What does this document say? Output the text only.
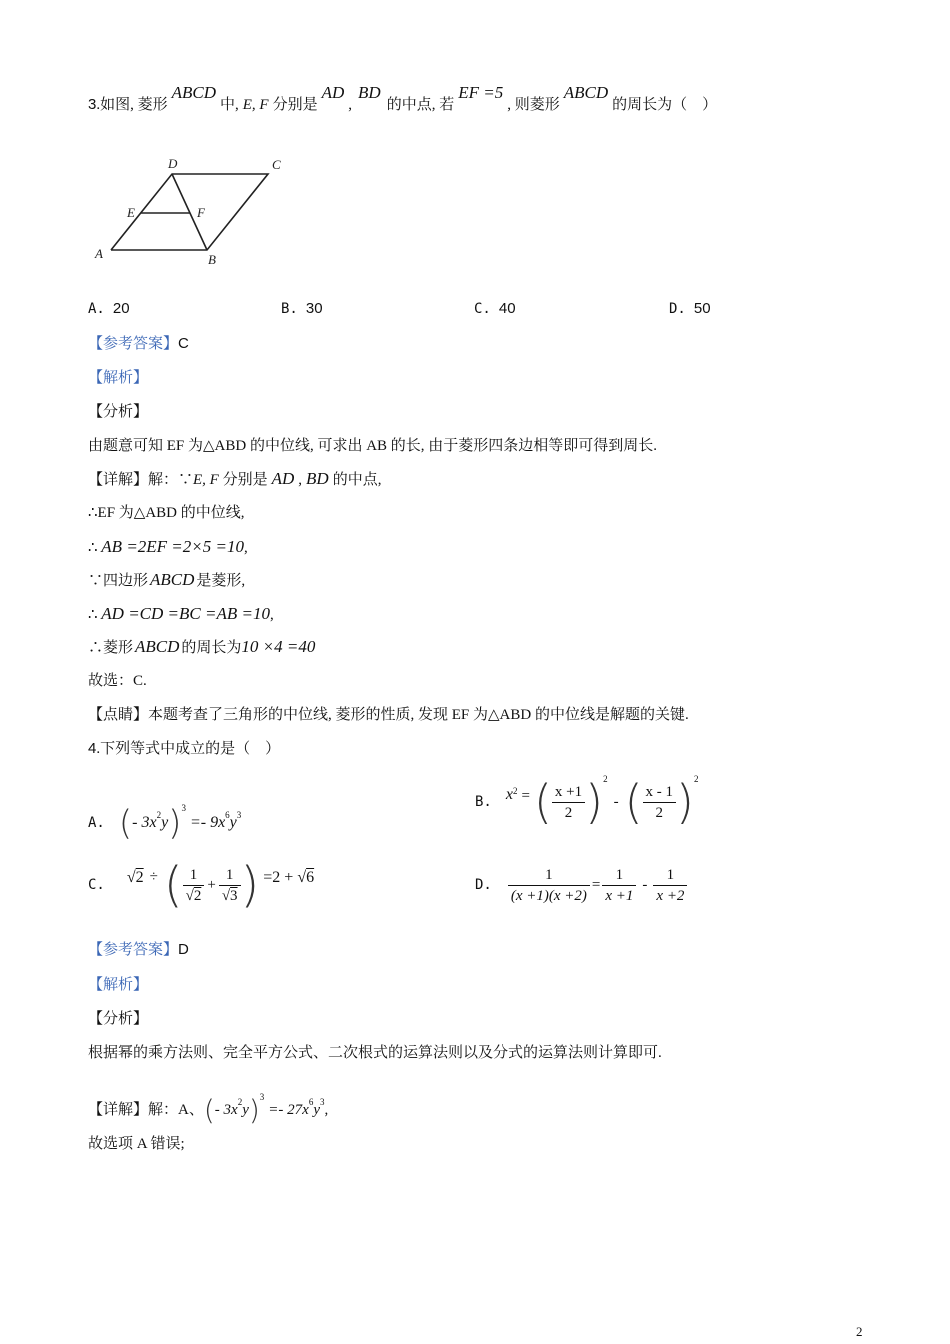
3.如图, 菱形ABCD中, E, F 分别是AD,BD的中点, 若EF =5, 则菱形ABCD的周长为（　）
D	C
E	F
A	B
A. 20	B. 30	C. 40	D. 50
【参考答案】C
【解析】
【分析】
由题意可知 EF 为△ABD 的中位线, 可求出 AB 的长, 由于菱形四条边相等即可得到周长.
【详解】解：∵E, F 分别是 AD , BD 的中点,
∴EF 为△ABD 的中位线,
∴ AB =2EF =2×5 =10,
∵四边形 ABCD 是菱形,
∴ AD =CD =BC =AB =10,
∴菱形 ABCD 的周长为10 ×4 =40
故选：C.
【点睛】本题考查了三角形的中位线, 菱形的性质, 发现 EF 为△ABD 的中位线是解题的关键.
4.下列等式中成立的是（　）
A. (- $3x^2y)^3=-$ $9x^6y^3$
B. $x^2$ = ( $\frac{x +1}{2} )^2$
- ( $\frac{x - 1}{2} )^2$
C. √2 ÷ ( $\frac{1}{√2} + \frac{1}{√3}$ ) =2 + √6	D. $\frac{1}{(x +1)(x +2)} = \frac{1}{x +1} - \frac{1}{x +2}$
【参考答案】D
【解析】
【分析】
根据幂的乘方法则、完全平方公式、二次根式的运算法则以及分式的运算法则计算即可.
【详解】解：A、(- $3x^2y)^3=-$ $27x^6y^3$,
故选项 A 错误;
2
